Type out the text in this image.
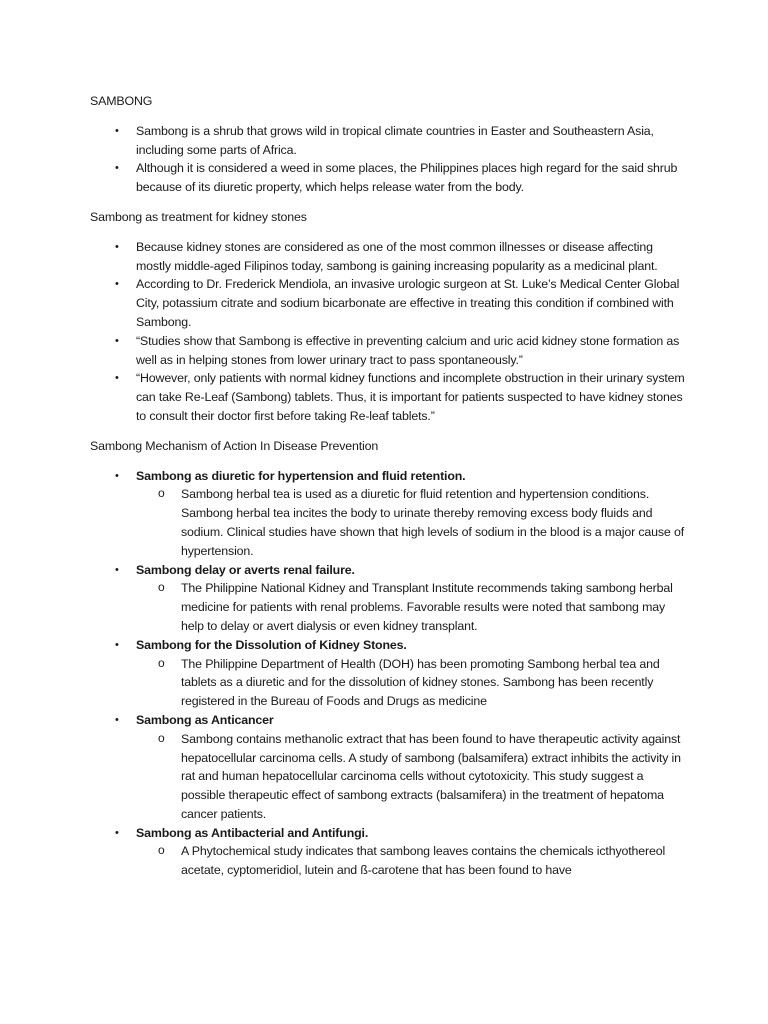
SAMBONG
• Sambong is a shrub that grows wild in tropical climate countries in Easter and Southeastern Asia, including some parts of Africa.
• Although it is considered a weed in some places, the Philippines places high regard for the said shrub because of its diuretic property, which helps release water from the body.
Sambong as treatment for kidney stones
• Because kidney stones are considered as one of the most common illnesses or disease affecting mostly middle-aged Filipinos today, sambong is gaining increasing popularity as a medicinal plant.
• According to Dr. Frederick Mendiola, an invasive urologic surgeon at St. Luke’s Medical Center Global City, potassium citrate and sodium bicarbonate are effective in treating this condition if combined with Sambong.
• “Studies show that Sambong is effective in preventing calcium and uric acid kidney stone formation as well as in helping stones from lower urinary tract to pass spontaneously.”
• “However, only patients with normal kidney functions and incomplete obstruction in their urinary system can take Re-Leaf (Sambong) tablets. Thus, it is important for patients suspected to have kidney stones to consult their doctor first before taking Re-leaf tablets.”
Sambong Mechanism of Action In Disease Prevention
• Sambong as diuretic for hypertension and fluid retention.
o Sambong herbal tea is used as a diuretic for fluid retention and hypertension conditions. Sambong herbal tea incites the body to urinate thereby removing excess body fluids and sodium. Clinical studies have shown that high levels of sodium in the blood is a major cause of hypertension.
• Sambong delay or averts renal failure.
o The Philippine National Kidney and Transplant Institute recommends taking sambong herbal medicine for patients with renal problems. Favorable results were noted that sambong may help to delay or avert dialysis or even kidney transplant.
• Sambong for the Dissolution of Kidney Stones.
o The Philippine Department of Health (DOH) has been promoting Sambong herbal tea and tablets as a diuretic and for the dissolution of kidney stones. Sambong has been recently registered in the Bureau of Foods and Drugs as medicine
• Sambong as Anticancer
o Sambong contains methanolic extract that has been found to have therapeutic activity against hepatocellular carcinoma cells. A study of sambong (balsamifera) extract inhibits the activity in rat and human hepatocellular carcinoma cells without cytotoxicity. This study suggest a possible therapeutic effect of sambong extracts (balsamifera) in the treatment of hepatoma cancer patients.
• Sambong as Antibacterial and Antifungi.
o A Phytochemical study indicates that sambong leaves contains the chemicals icthyothereol acetate, cyptomeridiol, lutein and ß-carotene that has been found to have
